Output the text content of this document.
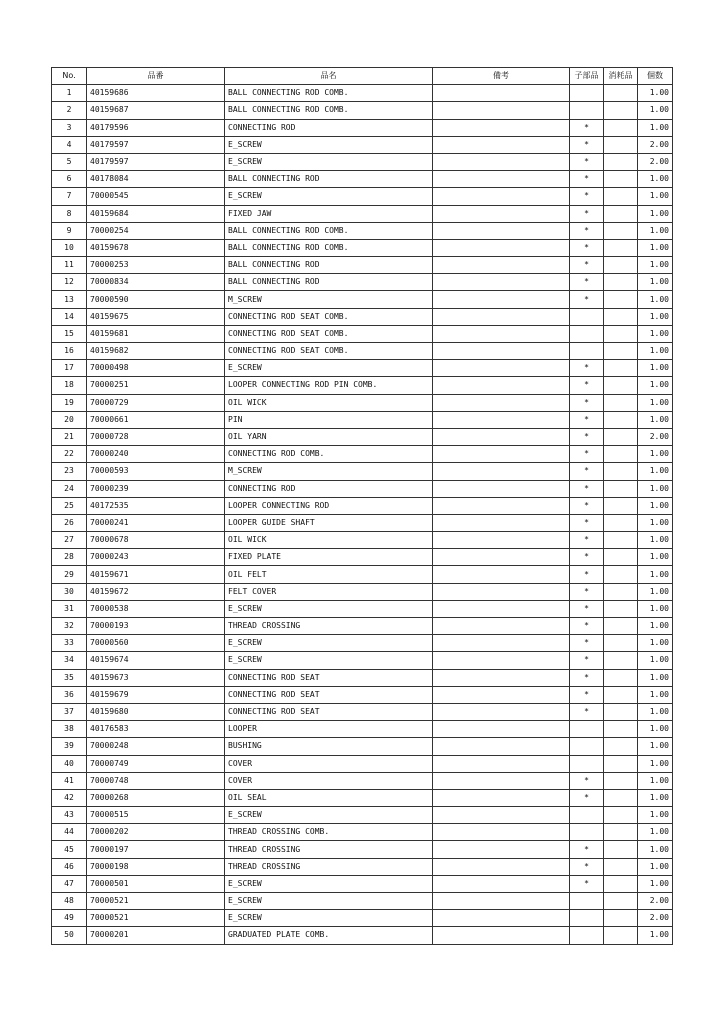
No.	品番	品名	備考	子部品	消耗品	個数
1	40159686	BALL CONNECTING ROD COMB.				1.00
2	40159687	BALL CONNECTING ROD COMB.				1.00
3	40179596	CONNECTING ROD		*		1.00
4	40179597	E_SCREW		*		2.00
5	40179597	E_SCREW		*		2.00
6	40178084	BALL CONNECTING ROD		*		1.00
7	70000545	E_SCREW		*		1.00
8	40159684	FIXED JAW		*		1.00
9	70000254	BALL CONNECTING ROD COMB.		*		1.00
10	40159678	BALL CONNECTING ROD COMB.		*		1.00
11	70000253	BALL CONNECTING ROD		*		1.00
12	70000834	BALL CONNECTING ROD		*		1.00
13	70000590	M_SCREW		*		1.00
14	40159675	CONNECTING ROD SEAT COMB.				1.00
15	40159681	CONNECTING ROD SEAT COMB.				1.00
16	40159682	CONNECTING ROD SEAT COMB.				1.00
17	70000498	E_SCREW		*		1.00
18	70000251	LOOPER CONNECTING ROD PIN COMB.		*		1.00
19	70000729	OIL WICK		*		1.00
20	70000661	PIN		*		1.00
21	70000728	OIL YARN		*		2.00
22	70000240	CONNECTING ROD COMB.		*		1.00
23	70000593	M_SCREW		*		1.00
24	70000239	CONNECTING ROD		*		1.00
25	40172535	LOOPER CONNECTING ROD		*		1.00
26	70000241	LOOPER GUIDE SHAFT		*		1.00
27	70000678	OIL WICK		*		1.00
28	70000243	FIXED PLATE		*		1.00
29	40159671	OIL FELT		*		1.00
30	40159672	FELT COVER		*		1.00
31	70000538	E_SCREW		*		1.00
32	70000193	THREAD CROSSING		*		1.00
33	70000560	E_SCREW		*		1.00
34	40159674	E_SCREW		*		1.00
35	40159673	CONNECTING ROD SEAT		*		1.00
36	40159679	CONNECTING ROD SEAT		*		1.00
37	40159680	CONNECTING ROD SEAT		*		1.00
38	40176583	LOOPER				1.00
39	70000248	BUSHING				1.00
40	70000749	COVER				1.00
41	70000748	COVER		*		1.00
42	70000268	OIL SEAL		*		1.00
43	70000515	E_SCREW				1.00
44	70000202	THREAD CROSSING COMB.				1.00
45	70000197	THREAD CROSSING		*		1.00
46	70000198	THREAD CROSSING		*		1.00
47	70000501	E_SCREW		*		1.00
48	70000521	E_SCREW				2.00
49	70000521	E_SCREW				2.00
50	70000201	GRADUATED PLATE COMB.				1.00
